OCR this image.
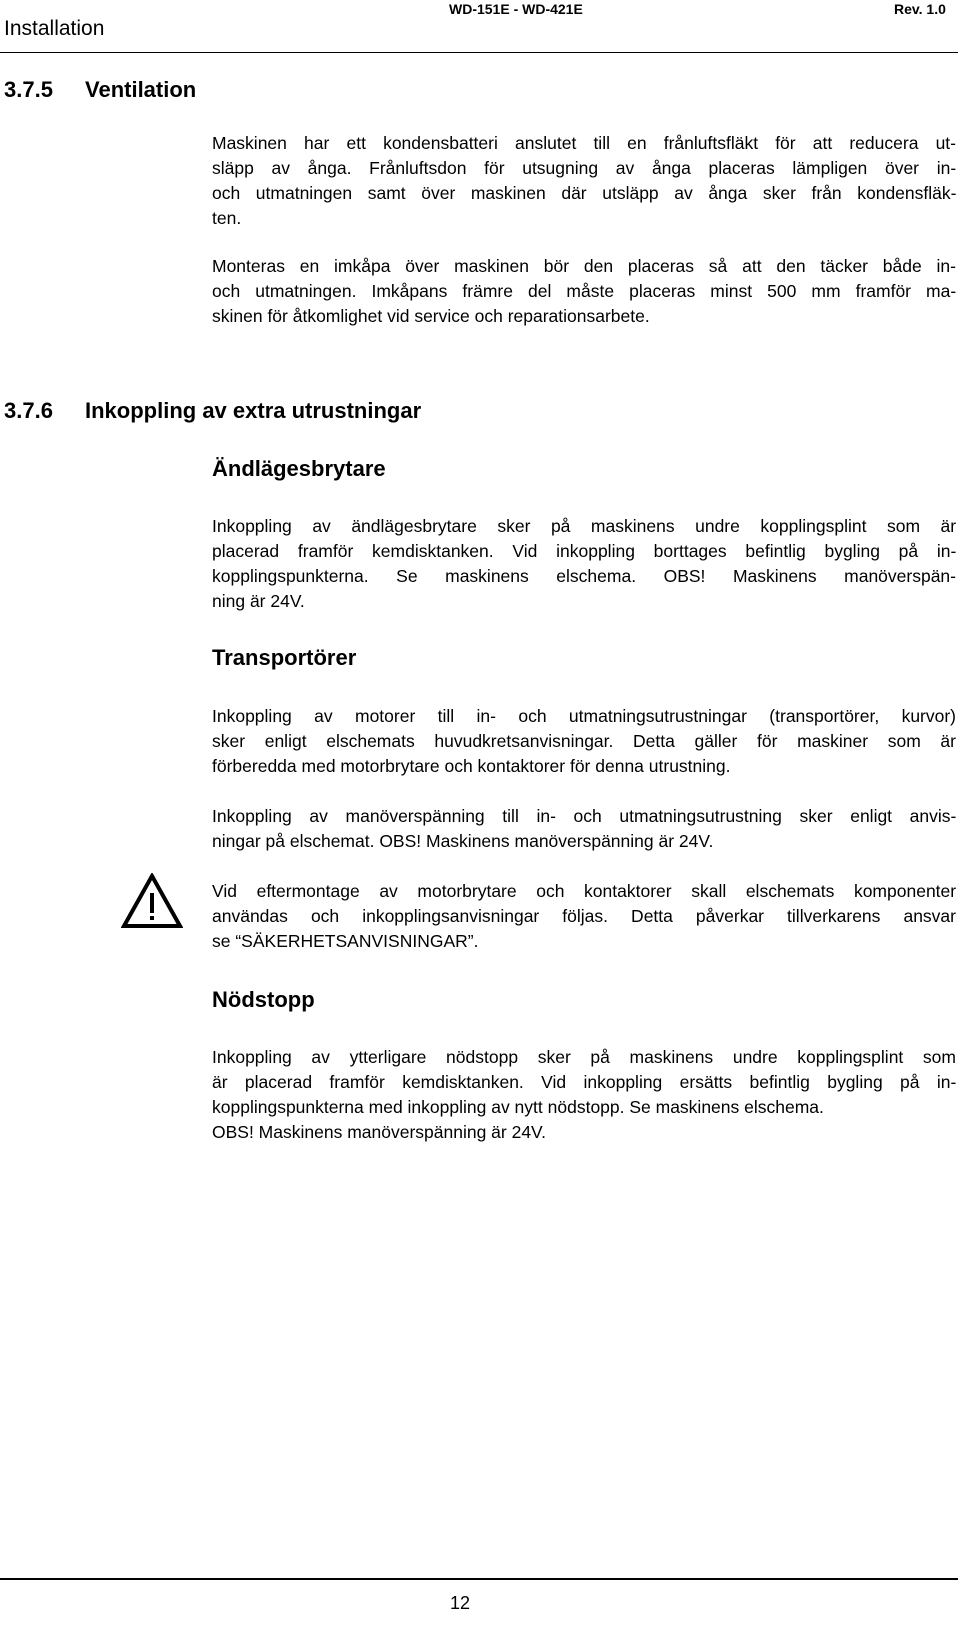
Installation
WD-151E - WD-421E	Rev. 1.0
3.7.5 Ventilation
Maskinen har ett kondensbatteri anslutet till en frånluftsfläkt för att reducera ut-
släpp av ånga. Frånluftsdon för utsugning av ånga placeras lämpligen över in-
och utmatningen samt över maskinen där utsläpp av ånga sker från kondensfläk-
ten.
Monteras en imkåpa över maskinen bör den placeras så att den täcker både in-
och utmatningen. Imkåpans främre del måste placeras minst 500 mm framför ma-
skinen för åtkomlighet vid service och reparationsarbete.
3.7.6 Inkoppling av extra utrustningar
Ändlägesbrytare
Inkoppling av ändlägesbrytare sker på maskinens undre kopplingsplint som är
placerad framför kemdisktanken. Vid inkoppling borttages befintlig bygling på in-
kopplingspunkterna. Se maskinens elschema. OBS! Maskinens manöverspän-
ning är 24V.
Transportörer
Inkoppling av motorer till in- och utmatningsutrustningar (transportörer, kurvor)
sker enligt elschemats huvudkretsanvisningar. Detta gäller för maskiner som är
förberedda med motorbrytare och kontaktorer för denna utrustning.
Inkoppling av manöverspänning till in- och utmatningsutrustning sker enligt anvis-
ningar på elschemat. OBS! Maskinens manöverspänning är 24V.
Vid eftermontage av motorbrytare och kontaktorer skall elschemats komponenter
användas och inkopplingsanvisningar följas. Detta påverkar tillverkarens ansvar
se “SÄKERHETSANVISNINGAR”.
Nödstopp
Inkoppling av ytterligare nödstopp sker på maskinens undre kopplingsplint som
är placerad framför kemdisktanken. Vid inkoppling ersätts befintlig bygling på in-
kopplingspunkterna med inkoppling av nytt nödstopp. Se maskinens elschema.
OBS! Maskinens manöverspänning är 24V.
12
